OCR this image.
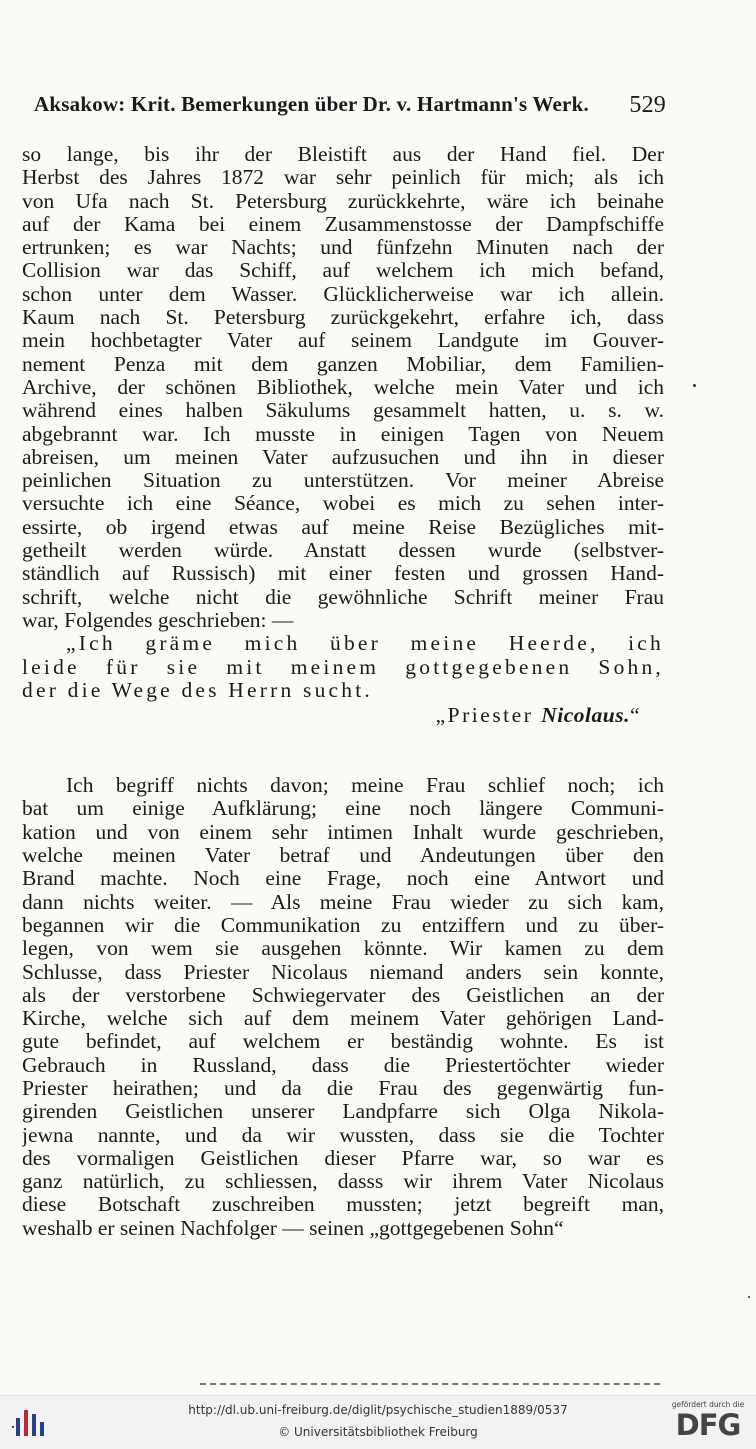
Aksakow: Krit. Bemerkungen über Dr. v. Hartmann's Werk. 529
so lange, bis ihr der Bleistift aus der Hand fiel. Der
Herbst des Jahres 1872 war sehr peinlich für mich; als ich
von Ufa nach St. Petersburg zurückkehrte, wäre ich beinahe
auf der Kama bei einem Zusammenstosse der Dampfschiffe
ertrunken; es war Nachts; und fünfzehn Minuten nach der
Collision war das Schiff, auf welchem ich mich befand,
schon unter dem Wasser. Glücklicherweise war ich allein.
Kaum nach St. Petersburg zurückgekehrt, erfahre ich, dass
mein hochbetagter Vater auf seinem Landgute im Gouver-
nement Penza mit dem ganzen Mobiliar, dem Familien-
Archive, der schönen Bibliothek, welche mein Vater und ich
während eines halben Säkulums gesammelt hatten, u. s. w.
abgebrannt war. Ich musste in einigen Tagen von Neuem
abreisen, um meinen Vater aufzusuchen und ihn in dieser
peinlichen Situation zu unterstützen. Vor meiner Abreise
versuchte ich eine Séance, wobei es mich zu sehen inter-
essirte, ob irgend etwas auf meine Reise Bezügliches mit-
getheilt werden würde. Anstatt dessen wurde (selbstver-
ständlich auf Russisch) mit einer festen und grossen Hand-
schrift, welche nicht die gewöhnliche Schrift meiner Frau
war, Folgendes geschrieben: —
„Ich gräme mich über meine Heerde, ich
leide für sie mit meinem gottgegebenen Sohn,
der die Wege des Herrn sucht.
„Priester Nicolaus.“
Ich begriff nichts davon; meine Frau schlief noch; ich
bat um einige Aufklärung; eine noch längere Communi-
kation und von einem sehr intimen Inhalt wurde geschrieben,
welche meinen Vater betraf und Andeutungen über den
Brand machte. Noch eine Frage, noch eine Antwort und
dann nichts weiter. — Als meine Frau wieder zu sich kam,
begannen wir die Communikation zu entziffern und zu über-
legen, von wem sie ausgehen könnte. Wir kamen zu dem
Schlusse, dass Priester Nicolaus niemand anders sein konnte,
als der verstorbene Schwiegervater des Geistlichen an der
Kirche, welche sich auf dem meinem Vater gehörigen Land-
gute befindet, auf welchem er beständig wohnte. Es ist
Gebrauch in Russland, dass die Priestertöchter wieder
Priester heirathen; und da die Frau des gegenwärtig fun-
girenden Geistlichen unserer Landpfarre sich Olga Nikola-
jewna nannte, und da wir wussten, dass sie die Tochter
des vormaligen Geistlichen dieser Pfarre war, so war es
ganz natürlich, zu schliessen, dasss wir ihrem Vater Nicolaus
diese Botschaft zuschreiben mussten; jetzt begreift man,
weshalb er seinen Nachfolger — seinen „gottgegebenen Sohn“
http://dl.ub.uni-freiburg.de/diglit/psychische_studien1889/0537
© Universitätsbibliothek Freiburg
gefördert durch die
DFG
